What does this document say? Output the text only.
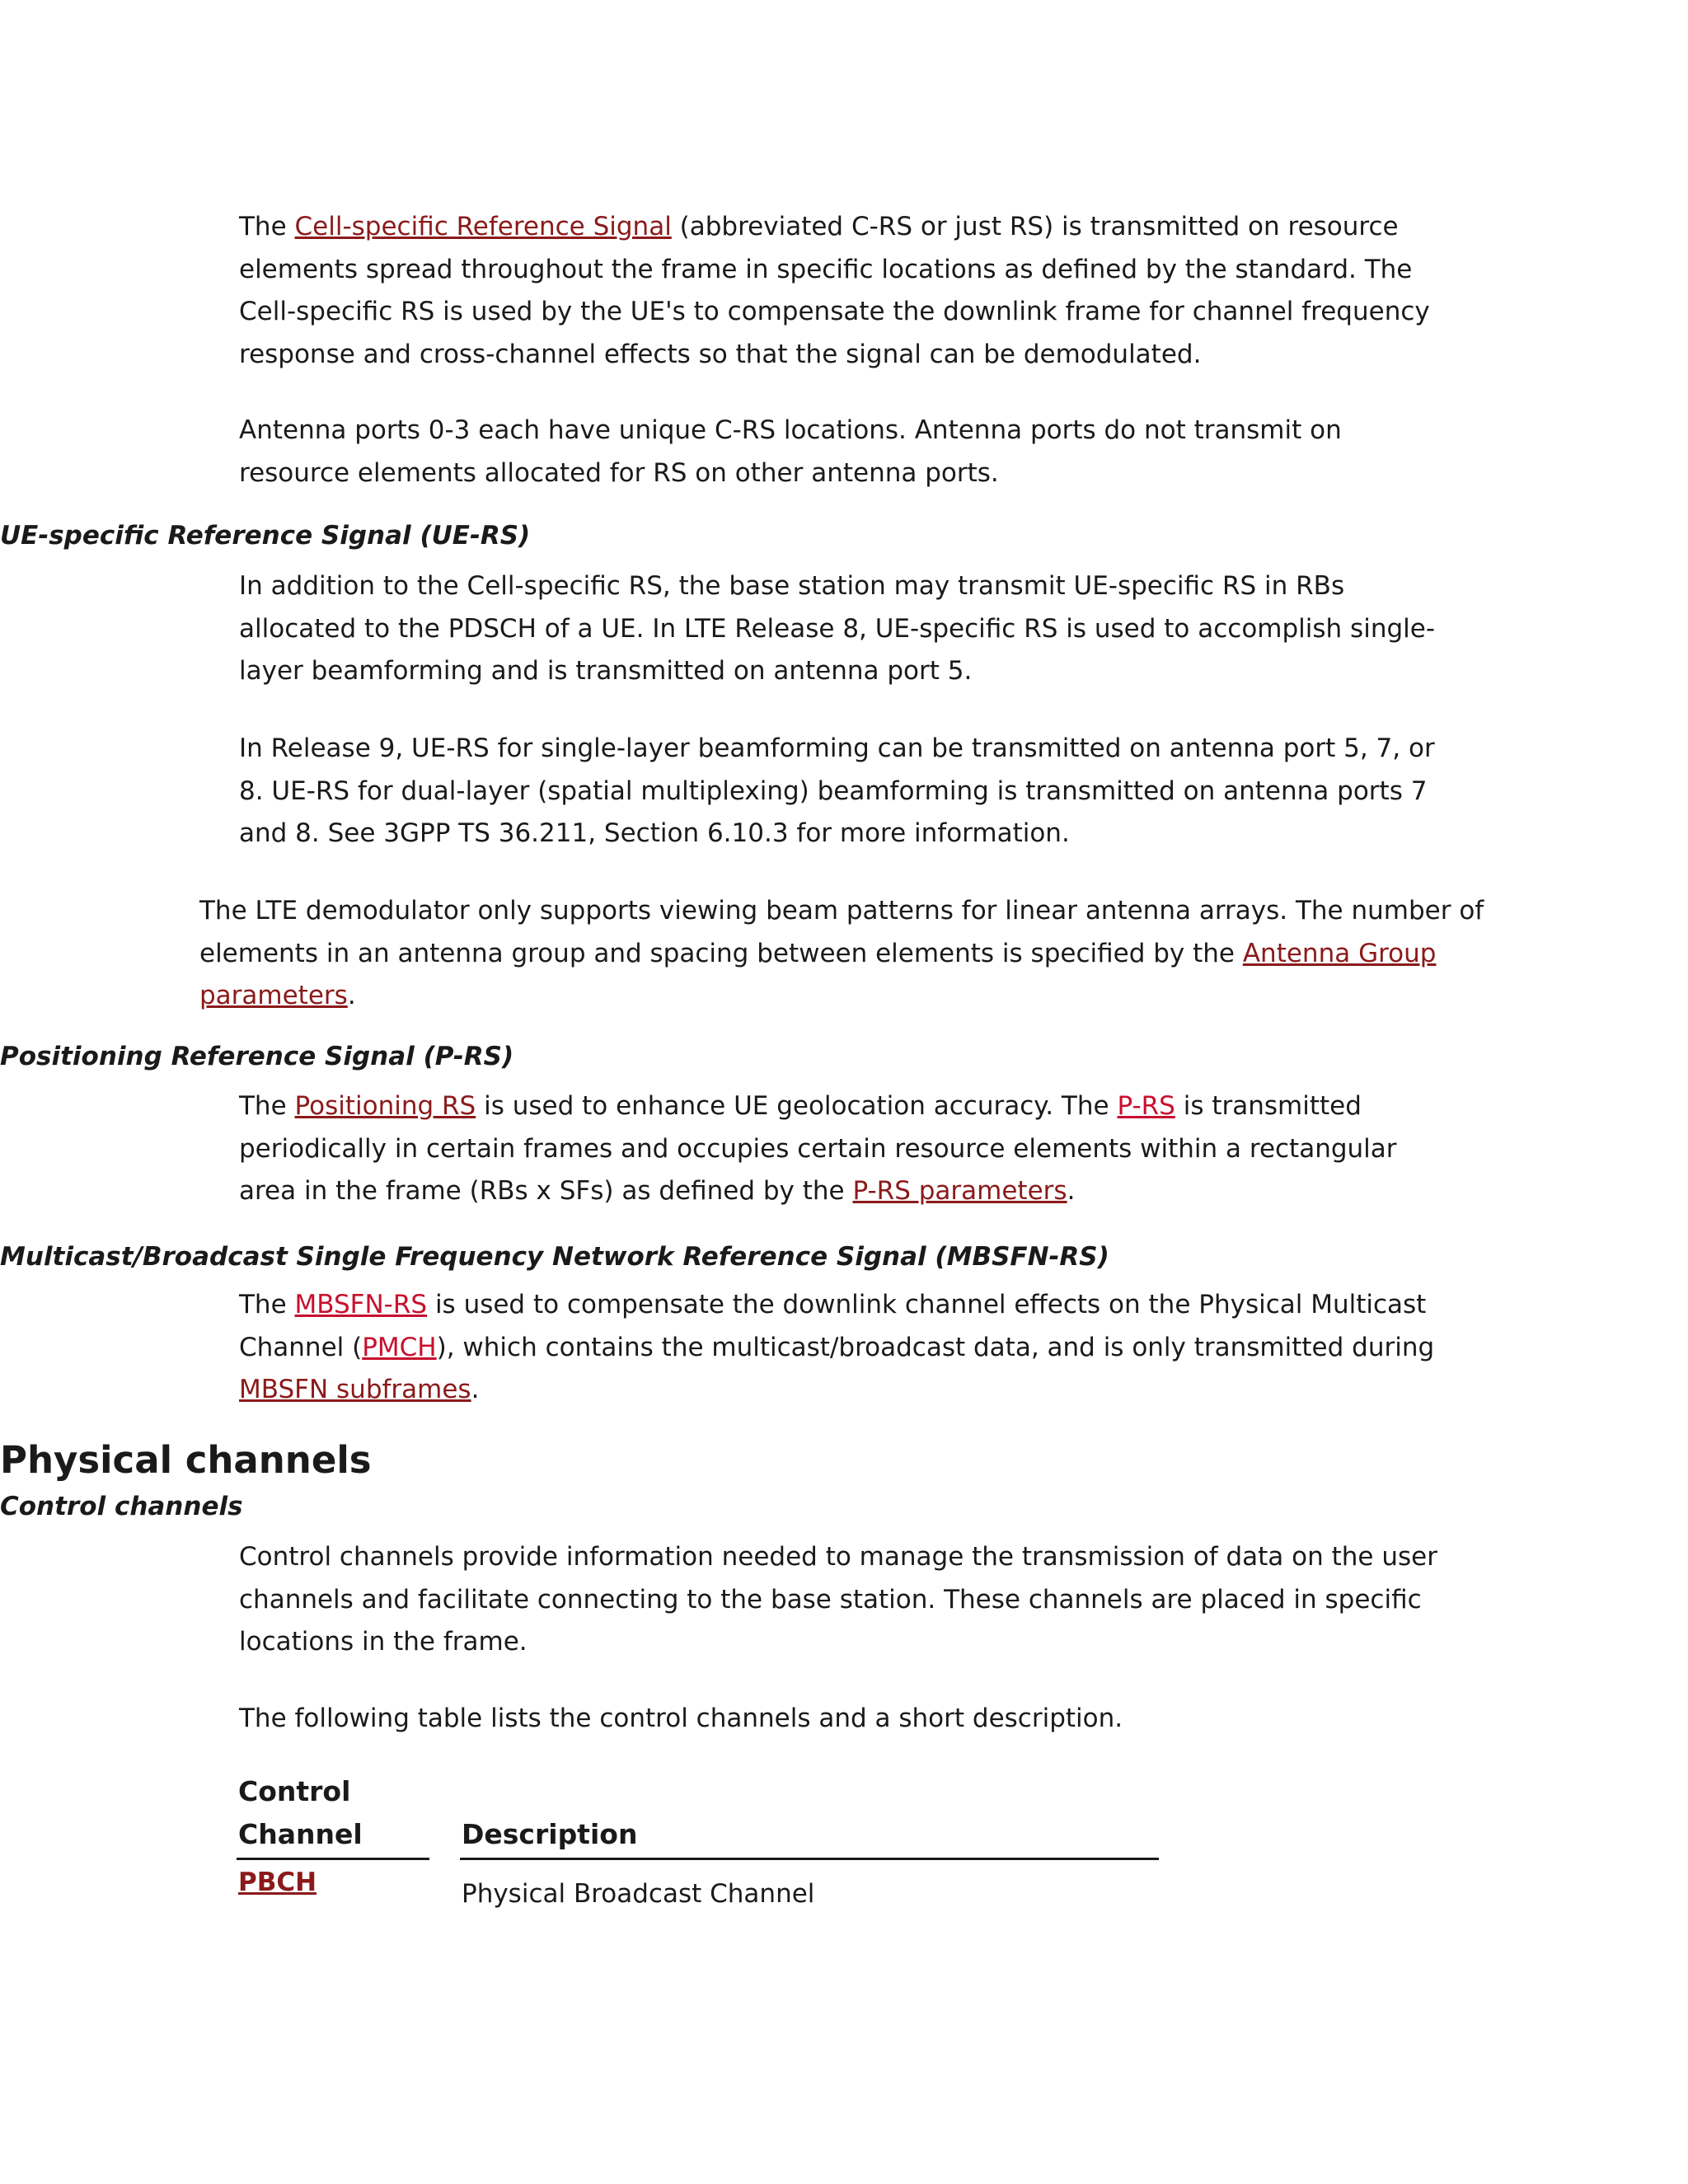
The Cell-specific Reference Signal (abbreviated C-RS or just RS) is transmitted on resource elements spread throughout the frame in specific locations as defined by the standard. The Cell-specific RS is used by the UE's to compensate the downlink frame for channel frequency response and cross-channel effects so that the signal can be demodulated.

Antenna ports 0-3 each have unique C-RS locations. Antenna ports do not transmit on resource elements allocated for RS on other antenna ports.

UE-specific Reference Signal (UE-RS)

In addition to the Cell-specific RS, the base station may transmit UE-specific RS in RBs allocated to the PDSCH of a UE. In LTE Release 8, UE-specific RS is used to accomplish single-layer beamforming and is transmitted on antenna port 5.

In Release 9, UE-RS for single-layer beamforming can be transmitted on antenna port 5, 7, or 8. UE-RS for dual-layer (spatial multiplexing) beamforming is transmitted on antenna ports 7 and 8. See 3GPP TS 36.211, Section 6.10.3 for more information.

The LTE demodulator only supports viewing beam patterns for linear antenna arrays. The number of elements in an antenna group and spacing between elements is specified by the Antenna Group parameters.

Positioning Reference Signal (P-RS)

The Positioning RS is used to enhance UE geolocation accuracy. The P-RS is transmitted periodically in certain frames and occupies certain resource elements within a rectangular area in the frame (RBs x SFs) as defined by the P-RS parameters.

Multicast/Broadcast Single Frequency Network Reference Signal (MBSFN-RS)

The MBSFN-RS is used to compensate the downlink channel effects on the Physical Multicast Channel (PMCH), which contains the multicast/broadcast data, and is only transmitted during MBSFN subframes.

Physical channels
Control channels

Control channels provide information needed to manage the transmission of data on the user channels and facilitate connecting to the base station. These channels are placed in specific locations in the frame.

The following table lists the control channels and a short description.

Control Channel	Description
PBCH	Physical Broadcast Channel
